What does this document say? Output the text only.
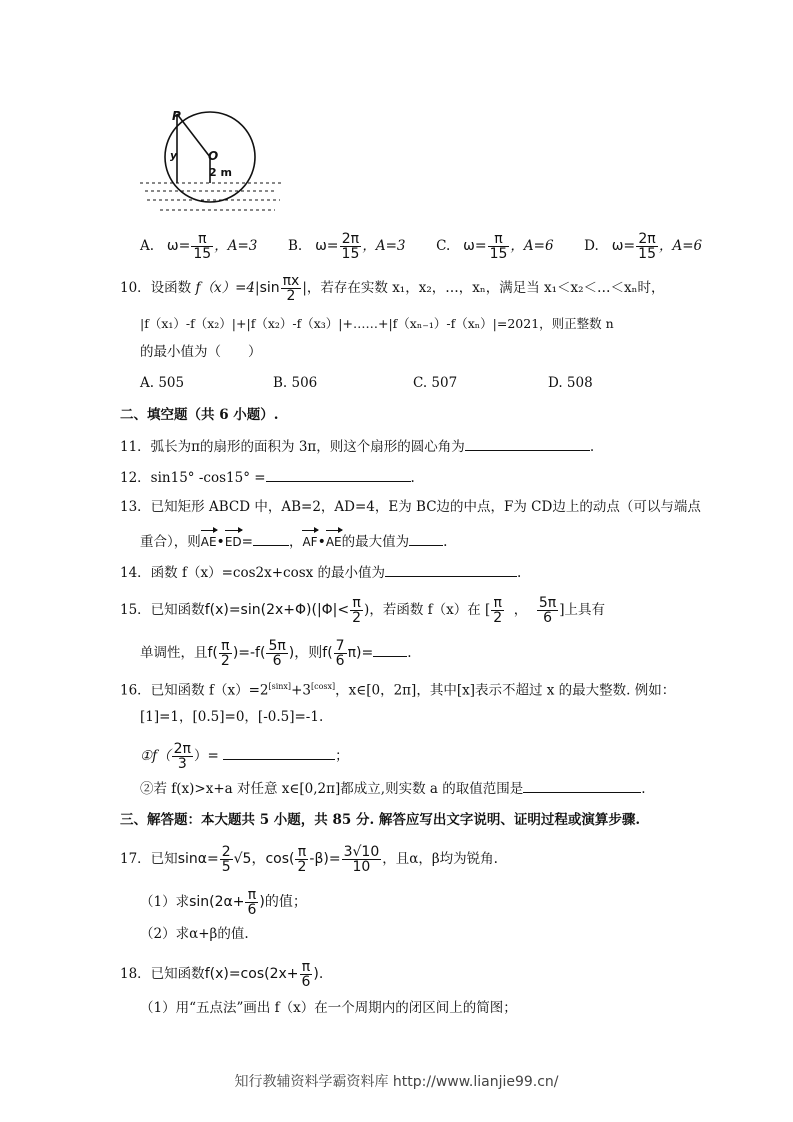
P
O
y
2 m
A. $\omega= \frac{\pi}{15}$ ，A=3 B. $\omega= \frac{2\pi}{15}$ ，A=3 C. $\omega= \frac{\pi}{15}$ ，A=6 D. $\omega= \frac{2\pi}{15}$ ，A=6
10．设函数 $f(x)=4|\sin \frac{\pi x}{2}$ |，若存在实数 x₁，x₂，…，xₙ，满足当 x₁＜x₂＜…＜xₙ时，
|f（x₁）-f（x₂）|+|f（x₂）-f（x₃）|+……+|f（xₙ₋₁）-f（xₙ）|=2021，则正整数 n
的最小值为（　　）
A. 505	B. 506	C. 507	D. 508
二、填空题（共 6 小题）.
11．弧长为π的扇形的面积为 3π，则这个扇形的圆心角为	.
12．sin15° -cos15° =	.
13．已知矩形 ABCD 中，AB=2，AD=4，E为 BC边的中点，F为 CD边上的动点（可以与端点
重合），则AE•ED=	，AF•AE的最大值为	.
14．函数 f（x）=cos2x+cosx 的最小值为	.
15．已知函数$f(x)=\sin(2x+\Phi)(|\Phi|< \frac{\pi}{2}$ )，若函数 f（x）在 [ $\frac{\pi}{2}$ ， $\frac{5\pi}{6}$ ]上具有
单调性，且$f( \frac{\pi}{2} )=-f( \frac{5\pi}{6}$ )，则$f( \frac{7}{6} \pi)=$	.
16．已知函数 f（x）=2[sinx]+3[cosx]，x∈[0，2π]，其中[x]表示不超过 x 的最大整数. 例如：
[1]=1，[0.5]=0，[-0.5]=-1.
①f（ $\frac{2\pi}{3}$ ）=	；
②若 f(x)>x+a 对任意 x∈[0,2π]都成立,则实数 a 的取值范围是	.
三、解答题：本大题共 5 小题，共 85 分. 解答应写出文字说明、证明过程或演算步骤.
17．已知$\sin\alpha= \frac{2}{5} √5$，$\cos( \frac{\pi}{2} -\beta)= \frac{3√10}{10}$ ，且α，β均为锐角.
（1）求$\sin(2\alpha+ \frac{\pi}{6}$ )的值；
（2）求α+β的值.
18．已知函数$f(x)=\cos(2x+ \frac{\pi}{6}$ ).
（1）用“五点法”画出 f（x）在一个周期内的闭区间上的简图；
知行教辅资料学霸资料库 http://www.lianjie99.cn/
